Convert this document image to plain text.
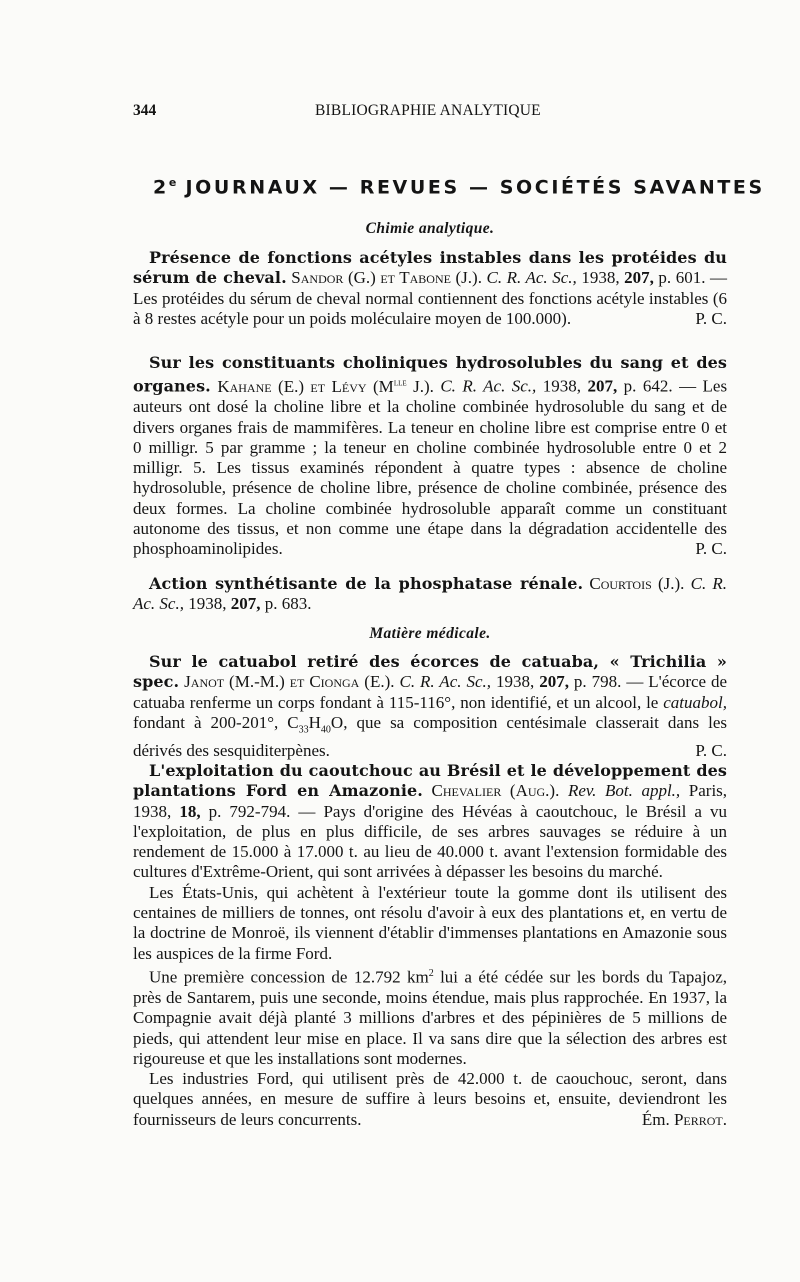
344	BIBLIOGRAPHIE ANALYTIQUE
2e JOURNAUX — REVUES — SOCIÉTÉS SAVANTES
Chimie analytique.

Présence de fonctions acétyles instables dans les protéides du sérum de cheval. Sandor (G.) et Tabone (J.). C. R. Ac. Sc., 1938, 207, p. 601. — Les protéides du sérum de cheval normal contiennent des fonctions acétyle instables (6 à 8 restes acétyle pour un poids moléculaire moyen de 100.000).	P. C.

Sur les constituants choliniques hydrosolubles du sang et des organes. Kahane (E.) et Lévy ($M^{lle}$ J.). C. R. Ac. Sc., 1938, 207, p. 642. — Les auteurs ont dosé la choline libre et la choline combinée hydrosoluble du sang et de divers organes frais de mammifères. La teneur en choline libre est comprise entre 0 et 0 milligr. 5 par gramme ; la teneur en choline combinée hydrosoluble entre 0 et 2 milligr. 5. Les tissus examinés répondent à quatre types : absence de choline hydrosoluble, présence de choline libre, présence de choline combinée, présence des deux formes. La choline combinée hydrosoluble apparaît comme un constituant autonome des tissus, et non comme une étape dans la dégradation accidentelle des phosphoaminolipides.	P. C.

Action synthétisante de la phosphatase rénale. Courtois (J.). C. R. Ac. Sc., 1938, 207, p. 683.

Matière médicale.

Sur le catuabol retiré des écorces de catuaba, « Trichilia » spec. Janot (M.-M.) et Cionga (E.). C. R. Ac. Sc., 1938, 207, p. 798. — L'écorce de catuaba renferme un corps fondant à 115-116°, non identifié, et un alcool, le catuabol, fondant à 200-201°, $C_{33}H_{40}O$, que sa composition centésimale classerait dans les dérivés des sesquiditerpènes.	P. C.

L'exploitation du caoutchouc au Brésil et le développement des plantations Ford en Amazonie. Chevalier (Aug.). Rev. Bot. appl., Paris, 1938, 18, p. 792-794. — Pays d'origine des Hévéas à caoutchouc, le Brésil a vu l'exploitation, de plus en plus difficile, de ses arbres sauvages se réduire à un rendement de 15.000 à 17.000 t. au lieu de 40.000 t. avant l'extension formidable des cultures d'Extrême-Orient, qui sont arrivées à dépasser les besoins du marché.

Les États-Unis, qui achètent à l'extérieur toute la gomme dont ils utilisent des centaines de milliers de tonnes, ont résolu d'avoir à eux des plantations et, en vertu de la doctrine de Monroë, ils viennent d'établir d'immenses plantations en Amazonie sous les auspices de la firme Ford.

Une première concession de 12.792 $km^2$ lui a été cédée sur les bords du Tapajoz, près de Santarem, puis une seconde, moins étendue, mais plus rapprochée. En 1937, la Compagnie avait déjà planté 3 millions d'arbres et des pépinières de 5 millions de pieds, qui attendent leur mise en place. Il va sans dire que la sélection des arbres est rigoureuse et que les installations sont modernes.

Les industries Ford, qui utilisent près de 42.000 t. de caouchouc, seront, dans quelques années, en mesure de suffire à leurs besoins et, ensuite, deviendront les fournisseurs de leurs concurrents.	Ém. Perrot.
